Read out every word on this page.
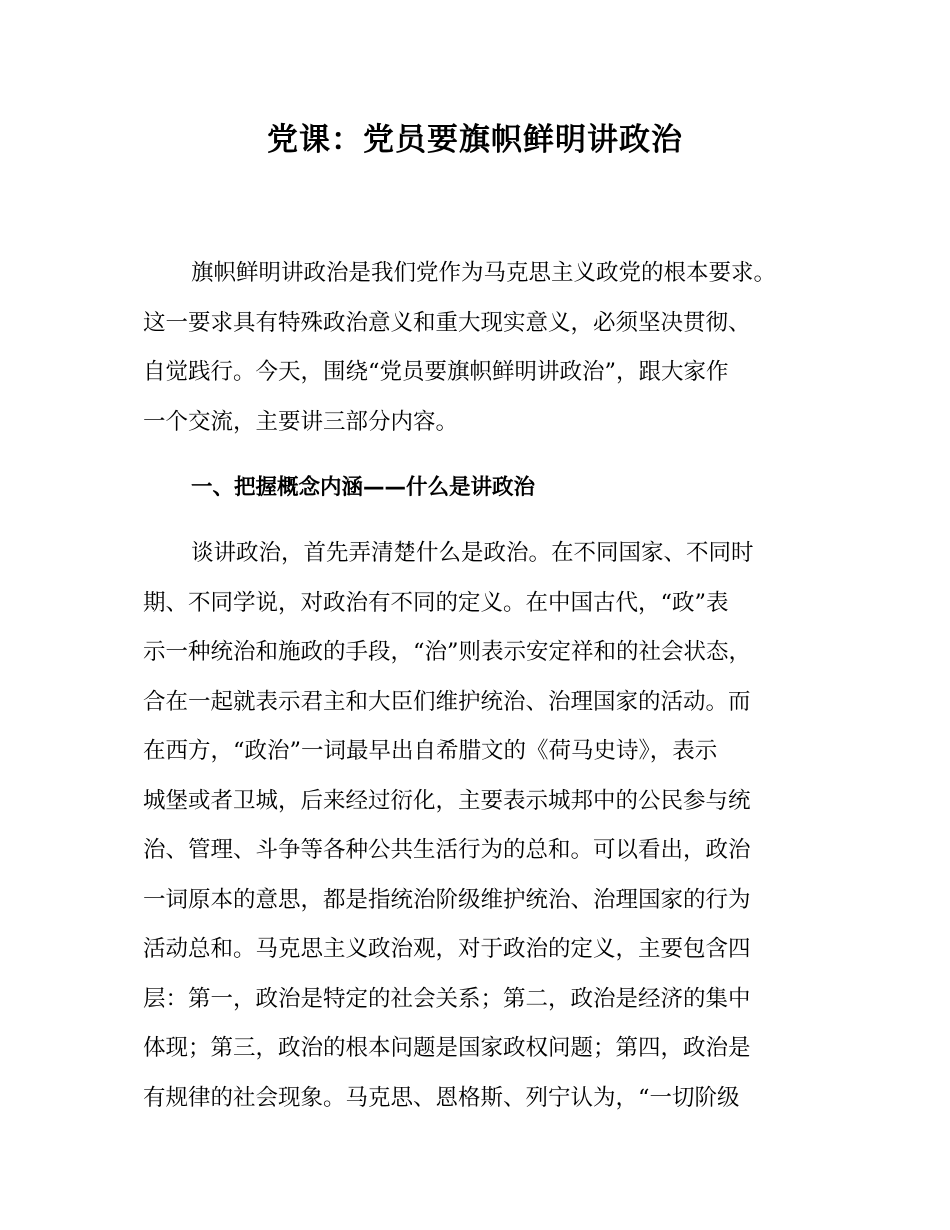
党课：党员要旗帜鲜明讲政治
旗帜鲜明讲政治是我们党作为马克思主义政党的根本要求。
这一要求具有特殊政治意义和重大现实意义，必须坚决贯彻、
自觉践行。今天，围绕“党员要旗帜鲜明讲政治”，跟大家作
一个交流，主要讲三部分内容。
一、把握概念内涵——什么是讲政治
谈讲政治，首先弄清楚什么是政治。在不同国家、不同时
期、不同学说，对政治有不同的定义。在中国古代，“政”表
示一种统治和施政的手段，“治”则表示安定祥和的社会状态，
合在一起就表示君主和大臣们维护统治、治理国家的活动。而
在西方，“政治”一词最早出自希腊文的《荷马史诗》，表示
城堡或者卫城，后来经过衍化，主要表示城邦中的公民参与统
治、管理、斗争等各种公共生活行为的总和。可以看出，政治
一词原本的意思，都是指统治阶级维护统治、治理国家的行为
活动总和。马克思主义政治观，对于政治的定义，主要包含四
层：第一，政治是特定的社会关系；第二，政治是经济的集中
体现；第三，政治的根本问题是国家政权问题；第四，政治是
有规律的社会现象。马克思、恩格斯、列宁认为，“一切阶级
